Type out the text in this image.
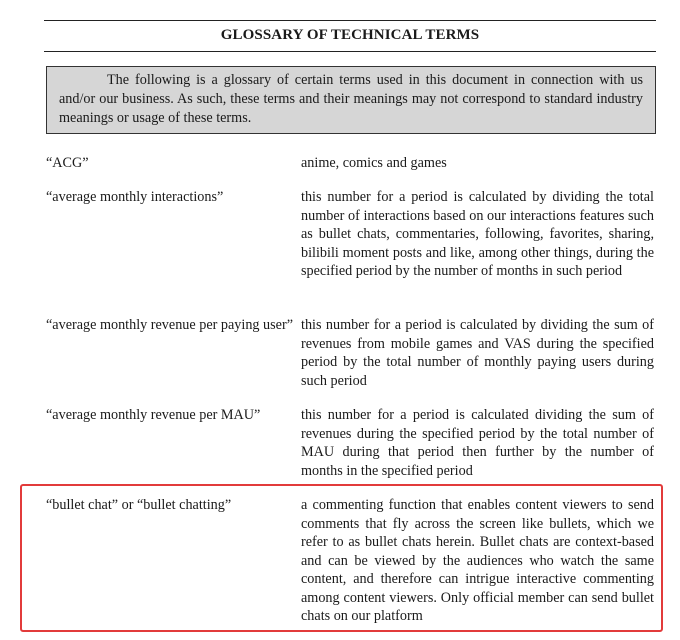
GLOSSARY OF TECHNICAL TERMS
The following is a glossary of certain terms used in this document in connection with us and/or our business. As such, these terms and their meanings may not correspond to standard industry meanings or usage of these terms.
“ACG”	anime, comics and games
“average monthly interactions”	this number for a period is calculated by dividing the total number of interactions based on our interactions features such as bullet chats, commentaries, following, favorites, sharing, bilibili moment posts and like, among other things, during the specified period by the number of months in such period
“average monthly revenue per paying user” this number for a period is calculated by dividing the sum of revenues from mobile games and VAS during the specified period by the total number of monthly paying users during such period
“average monthly revenue per MAU”	this number for a period is calculated dividing the sum of revenues during the specified period by the total number of MAU during that period then further by the number of months in the specified period
“bullet chat” or “bullet chatting”	a commenting function that enables content viewers to send comments that fly across the screen like bullets, which we refer to as bullet chats herein. Bullet chats are context-based and can be viewed by the audiences who watch the same content, and therefore can intrigue interactive commenting among content viewers. Only official member can send bullet chats on our platform
